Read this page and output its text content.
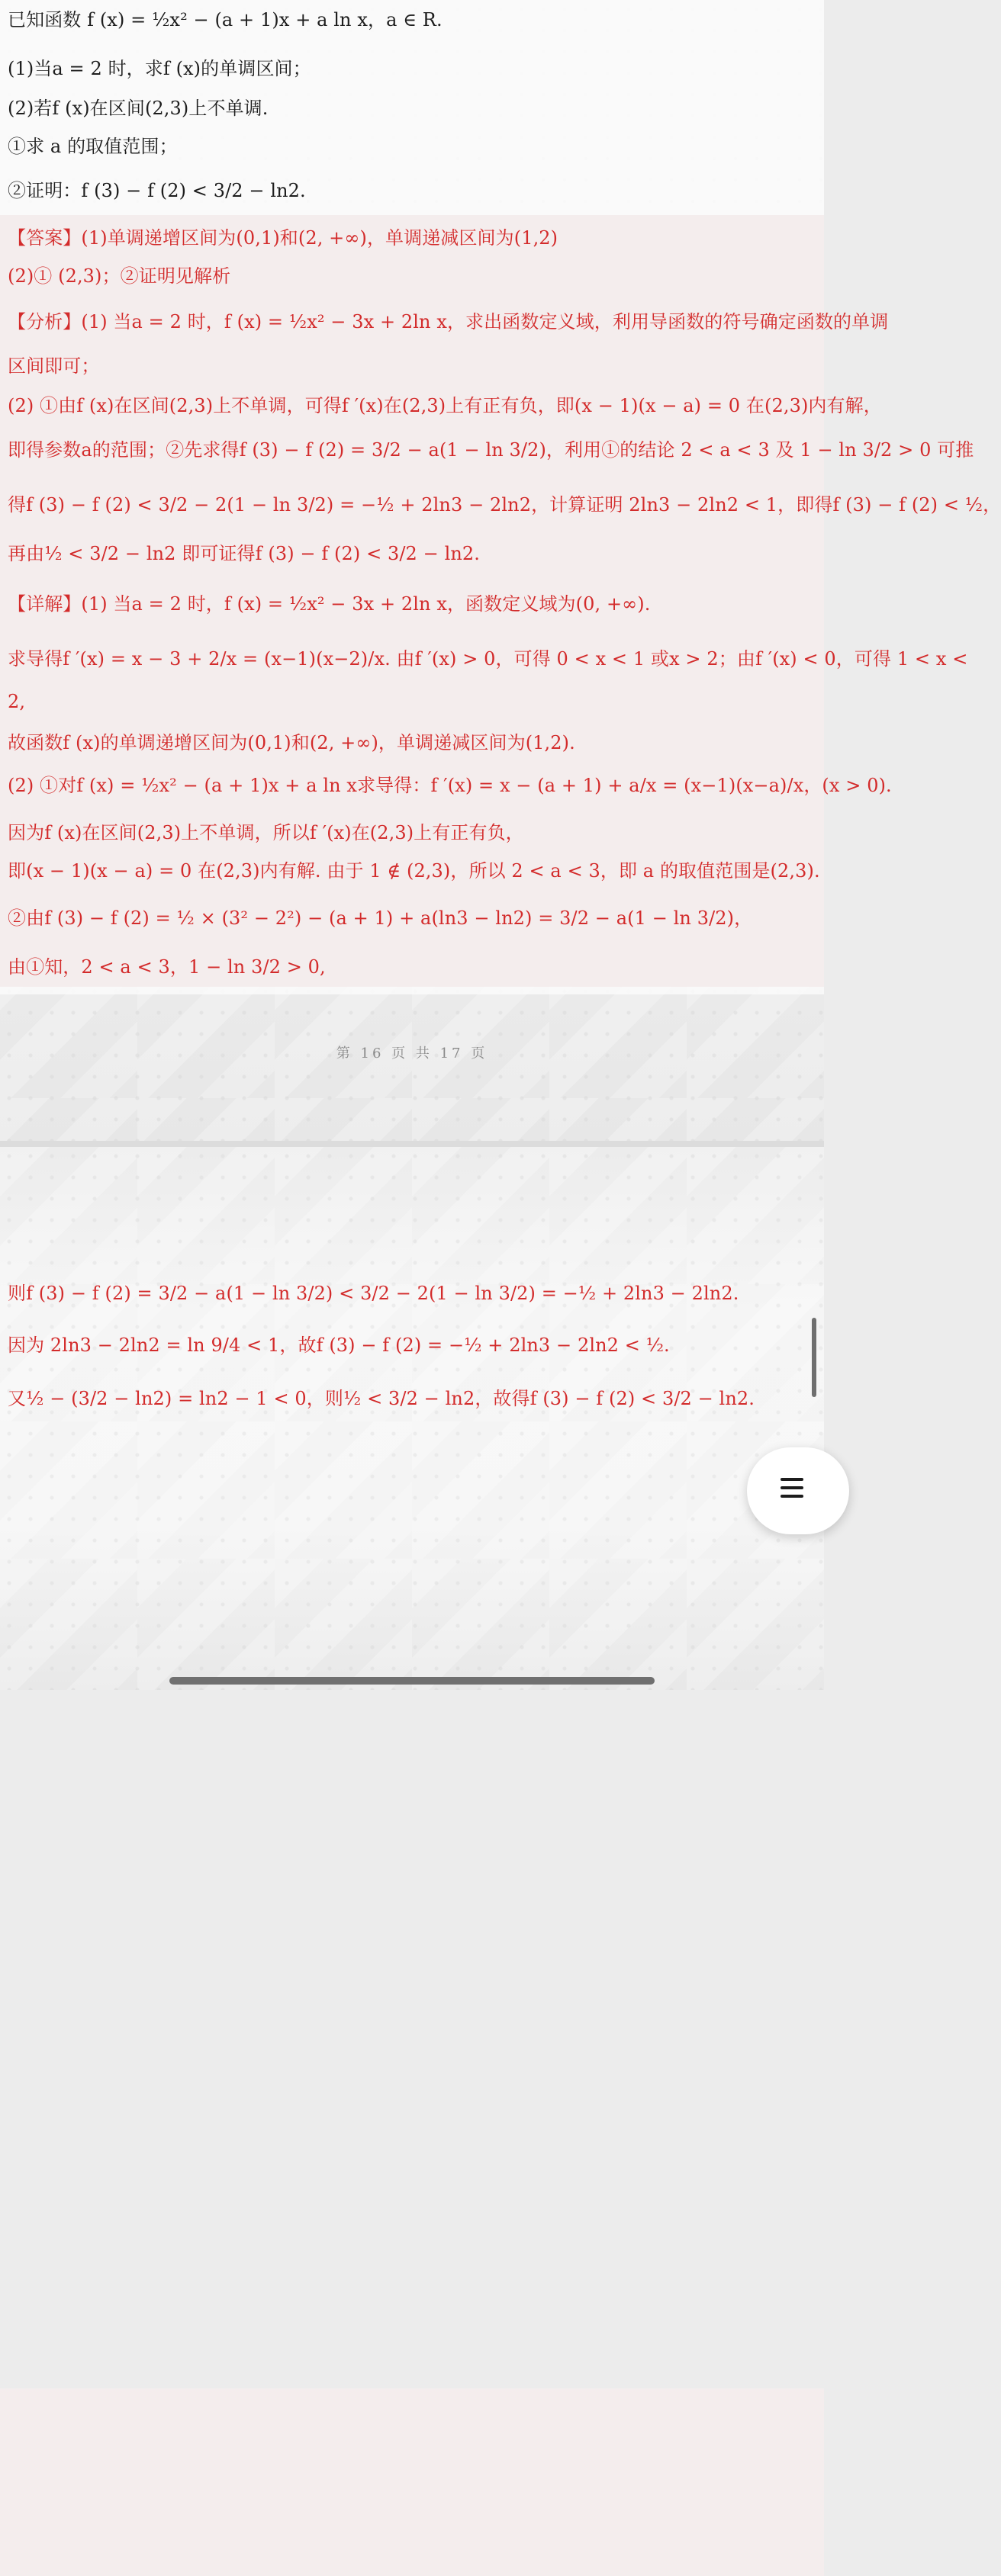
已知函数 f (x) = ½x² − (a + 1)x + a ln x，a ∈ R.
(1)当a = 2 时，求f (x)的单调区间；
(2)若f (x)在区间(2,3)上不单调.
①求 a 的取值范围；
②证明：f (3) − f (2) < 3/2 − ln2.
【答案】(1)单调递增区间为(0,1)和(2, +∞)，单调递减区间为(1,2)
(2)① (2,3)；②证明见解析
【分析】(1) 当a = 2 时，f (x) = ½x² − 3x + 2ln x，求出函数定义域，利用导函数的符号确定函数的单调
区间即可；
(2) ①由f (x)在区间(2,3)上不单调，可得f ′(x)在(2,3)上有正有负，即(x − 1)(x − a) = 0 在(2,3)内有解，
即得参数a的范围；②先求得f (3) − f (2) = 3/2 − a(1 − ln 3/2)，利用①的结论 2 < a < 3 及 1 − ln 3/2 > 0 可推
得f (3) − f (2) < 3/2 − 2(1 − ln 3/2) = −½ + 2ln3 − 2ln2，计算证明 2ln3 − 2ln2 < 1，即得f (3) − f (2) < ½，
再由½ < 3/2 − ln2 即可证得f (3) − f (2) < 3/2 − ln2.
【详解】(1) 当a = 2 时，f (x) = ½x² − 3x + 2ln x，函数定义域为(0, +∞).
求导得f ′(x) = x − 3 + 2/x = (x−1)(x−2)/x. 由f ′(x) > 0，可得 0 < x < 1 或x > 2；由f ′(x) < 0，可得 1 < x <
2,
故函数f (x)的单调递增区间为(0,1)和(2, +∞)，单调递减区间为(1,2).
(2) ①对f (x) = ½x² − (a + 1)x + a ln x求导得：f ′(x) = x − (a + 1) + a/x = (x−1)(x−a)/x，(x > 0).
因为f (x)在区间(2,3)上不单调，所以f ′(x)在(2,3)上有正有负，
即(x − 1)(x − a) = 0 在(2,3)内有解. 由于 1 ∉ (2,3)，所以 2 < a < 3，即 a 的取值范围是(2,3).
②由f (3) − f (2) = ½ × (3² − 2²) − (a + 1) + a(ln3 − ln2) = 3/2 − a(1 − ln 3/2)，
由①知，2 < a < 3，1 − ln 3/2 > 0,
第 16 页 共 17 页
则f (3) − f (2) = 3/2 − a(1 − ln 3/2) < 3/2 − 2(1 − ln 3/2) = −½ + 2ln3 − 2ln2.
因为 2ln3 − 2ln2 = ln 9/4 < 1，故f (3) − f (2) = −½ + 2ln3 − 2ln2 < ½.
又½ − (3/2 − ln2) = ln2 − 1 < 0，则½ < 3/2 − ln2，故得f (3) − f (2) < 3/2 − ln2.
